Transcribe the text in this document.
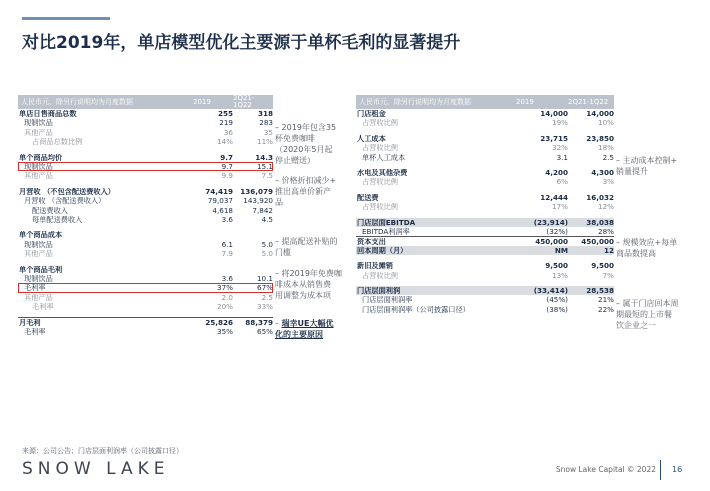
对比2019年，单店模型优化主要源于单杯毛利的显著提升
人民币元，除另行说明均为月度数据	2019	2Q21-1Q22
单店日售商品总数	255	318
现制饮品	219	283
其他产品	36	35
占商品总数比例	14%	11%
单个商品均价	9.7	14.3
现制饮品	9.7	15.1
其他产品	9.9	7.5
月营收 （不包含配送费收入）	74,419	136,079
月营收 （含配送费收入）	79,037	143,920
配送费收入	4,618	7,842
每单配送费收入	3.6	4.5
单个商品成本
现制饮品	6.1	5.0
其他产品	7.9	5.0
单个商品毛利
现制饮品	3.6	10.1
毛利率	37%	67%
其他产品	2.0	2.5
毛利率	20%	33%
月毛利	25,826	88,379
毛利率	35%	65%
人民币元，除另行说明均为月度数据	2019	2Q21-1Q22
门店租金	14,000	14,000
占营收比例	19%	10%
人工成本	23,715	23,850
占营收比例	32%	18%
单杯人工成本	3.1	2.5
水电及其他杂费	4,200	4,300
占营收比例	6%	3%
配送费	12,444	16,032
占营收比例	17%	12%
门店层面EBITDA	(23,914)	38,038
EBITDA利润率	(32%)	28%
资本支出	450,000	450,000
回本周期（月）	NM	12
新旧及摊销	9,500	9,500
占营收比例	13%	7%
门店层面利润	(33,414)	28,538
门店层面利润率	(45%)	21%
门店层面利润率（公司披露口径）	(38%)	22%
– 2019年包含35
杯免费咖啡
（2020年5月起
停止赠送）
– 价格折扣减少+
推出高单价新产
品
– 提高配送补贴的
门槛
– 将2019年免费咖
啡成本从销售费
用调整为成本项
– 瑞幸UE大幅优
化的主要原因
– 主动成本控制+
销量提升
– 规模效应+每单
商品数提高
– 属于门店回本周
期最短的上市餐
饮企业之一
来源：公司公告；门店层面利润率（公司披露口径）
SNOW LAKE	Snow Lake Capital © 2022 16
